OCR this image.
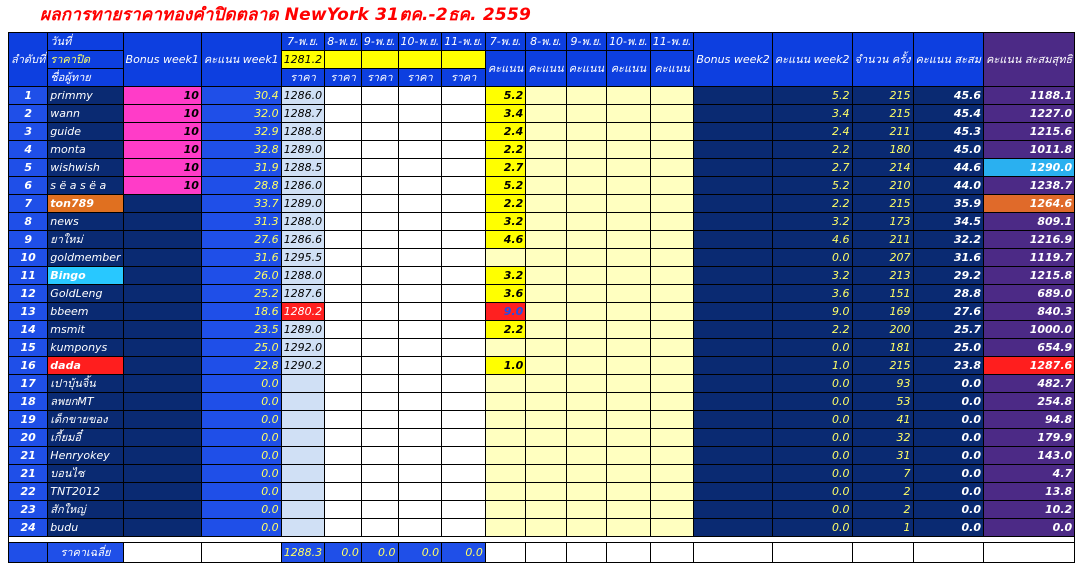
ผลการทายราคาทองคำปิดตลาด NewYork 31ตค.-2ธค. 2559
ลำดับที่	วันที่	Bonus week1	คะแนน week1	7-พ.ย.	8-พ.ย.	9-พ.ย.	10-พ.ย.	11-พ.ย.	7-พ.ย.	8-พ.ย.	9-พ.ย.	10-พ.ย.	11-พ.ย.	Bonus week2	คะแนน week2	จำนวน ครั้ง	คะแนน สะสม	คะแนน สะสมสุทธิ
	ราคาปิด			1281.2					คะแนน	คะแนน	คะแนน	คะแนน	คะแนน					
	ชื่อผู้ทาย			ราคา	ราคา	ราคา	ราคา	ราคา										
1	primmy	10	30.4	1286.0					5.2						5.2	215	45.6	1188.1
2	wann	10	32.0	1288.7					3.4						3.4	215	45.4	1227.0
3	guide	10	32.9	1288.8					2.4						2.4	211	45.3	1215.6
4	monta	10	32.8	1289.0					2.2						2.2	180	45.0	1011.8
5	wishwish	10	31.9	1288.5					2.7						2.7	214	44.6	1290.0
6	s ë a s ë a	10	28.8	1286.0					5.2						5.2	210	44.0	1238.7
7	ton789		33.7	1289.0					2.2						2.2	215	35.9	1264.6
8	news		31.3	1288.0					3.2						3.2	173	34.5	809.1
9	ยาใหม่		27.6	1286.6					4.6						4.6	211	32.2	1216.9
10	goldmember		31.6	1295.5											0.0	207	31.6	1119.7
11	Bingo		26.0	1288.0					3.2						3.2	213	29.2	1215.8
12	GoldLeng		25.2	1287.6					3.6						3.6	151	28.8	689.0
13	bbeem		18.6	1280.2					9.0						9.0	169	27.6	840.3
14	msmit		23.5	1289.0					2.2						2.2	200	25.7	1000.0
15	kumponys		25.0	1292.0											0.0	181	25.0	654.9
16	dada		22.8	1290.2					1.0						1.0	215	23.8	1287.6
17	เปาบุ้นจิ้น		0.0												0.0	93	0.0	482.7
18	ลพยกMT		0.0												0.0	53	0.0	254.8
19	เด็กขายของ		0.0												0.0	41	0.0	94.8
20	เกี้ยมอี๋		0.0												0.0	32	0.0	179.9
21	Henryokey		0.0												0.0	31	0.0	143.0
21	บอนไซ		0.0												0.0	7	0.0	4.7
22	TNT2012		0.0												0.0	2	0.0	13.8
23	สักใหญ่		0.0												0.0	2	0.0	10.2
24	budu		0.0												0.0	1	0.0	0.0

	ราคาเฉลี่ย			1288.3	0.0	0.0	0.0	0.0										
